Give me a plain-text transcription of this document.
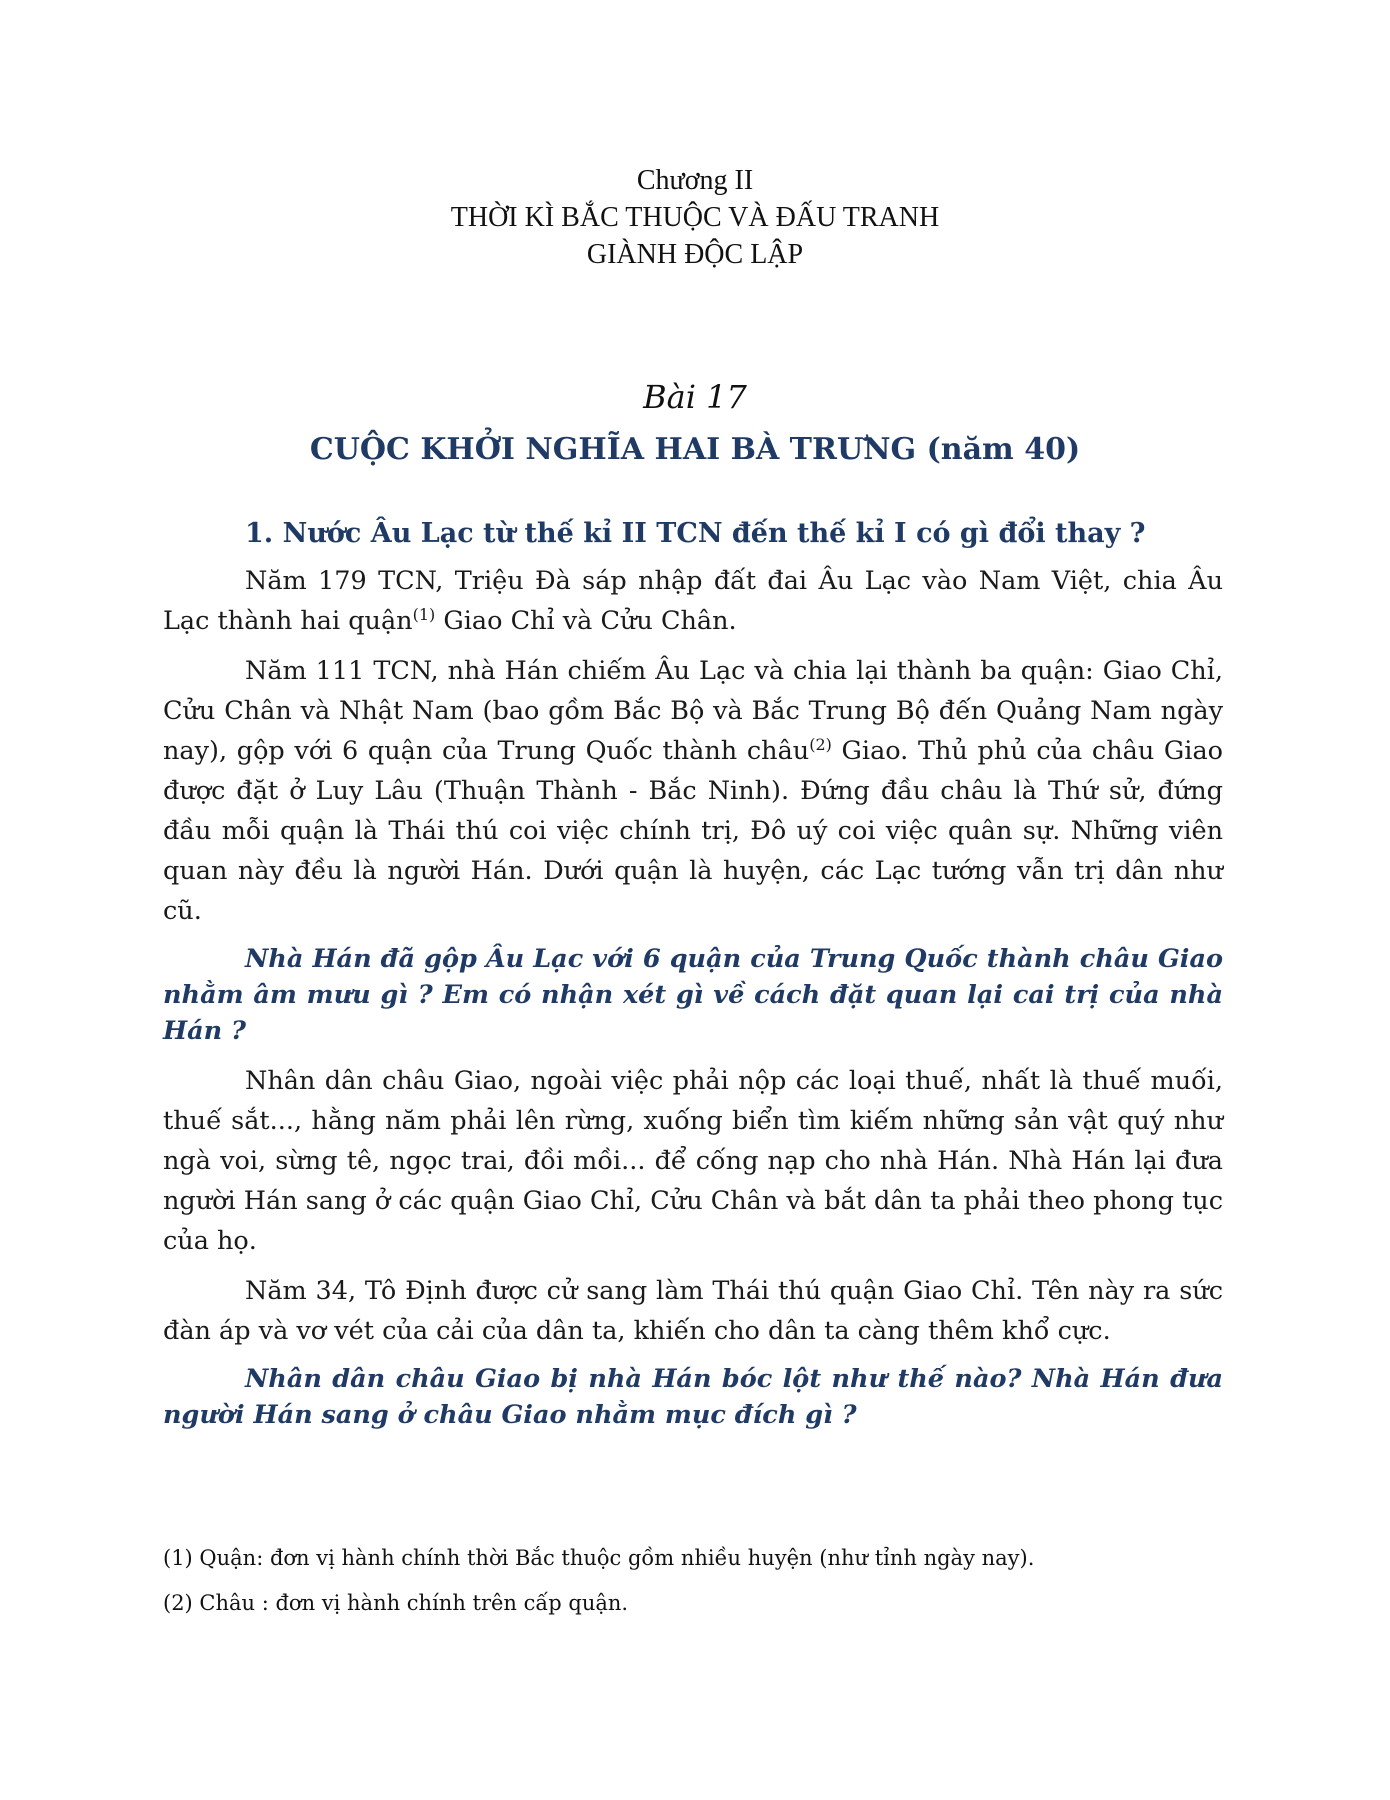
Chương II
THỜI KÌ BẮC THUỘC VÀ ĐẤU TRANH
GIÀNH ĐỘC LẬP
Bài 17
CUỘC KHỞI NGHĨA HAI BÀ TRƯNG (năm 40)
1. Nước Âu Lạc từ thế kỉ II TCN đến thế kỉ I có gì đổi thay ?

Năm 179 TCN, Triệu Đà sáp nhập đất đai Âu Lạc vào Nam Việt, chia Âu Lạc thành hai quận$^{(1)}$ Giao Chỉ và Cửu Chân.

Năm 111 TCN, nhà Hán chiếm Âu Lạc và chia lại thành ba quận: Giao Chỉ, Cửu Chân và Nhật Nam (bao gồm Bắc Bộ và Bắc Trung Bộ đến Quảng Nam ngày nay), gộp với 6 quận của Trung Quốc thành châu$^{(2)}$ Giao. Thủ phủ của châu Giao được đặt ở Luy Lâu (Thuận Thành - Bắc Ninh). Đứng đầu châu là Thứ sử, đứng đầu mỗi quận là Thái thú coi việc chính trị, Đô uý coi việc quân sự. Những viên quan này đều là người Hán. Dưới quận là huyện, các Lạc tướng vẫn trị dân như cũ.

Nhà Hán đã gộp Âu Lạc với 6 quận của Trung Quốc thành châu Giao nhằm âm mưu gì ? Em có nhận xét gì về cách đặt quan lại cai trị của nhà Hán ?

Nhân dân châu Giao, ngoài việc phải nộp các loại thuế, nhất là thuế muối, thuế sắt..., hằng năm phải lên rừng, xuống biển tìm kiếm những sản vật quý như ngà voi, sừng tê, ngọc trai, đồi mồi... để cống nạp cho nhà Hán. Nhà Hán lại đưa người Hán sang ở các quận Giao Chỉ, Cửu Chân và bắt dân ta phải theo phong tục của họ.

Năm 34, Tô Định được cử sang làm Thái thú quận Giao Chỉ. Tên này ra sức đàn áp và vơ vét của cải của dân ta, khiến cho dân ta càng thêm khổ cực.

Nhân dân châu Giao bị nhà Hán bóc lột như thế nào? Nhà Hán đưa người Hán sang ở châu Giao nhằm mục đích gì ?

(1) Quận: đơn vị hành chính thời Bắc thuộc gồm nhiều huyện (như tỉnh ngày nay).
(2) Châu : đơn vị hành chính trên cấp quận.
